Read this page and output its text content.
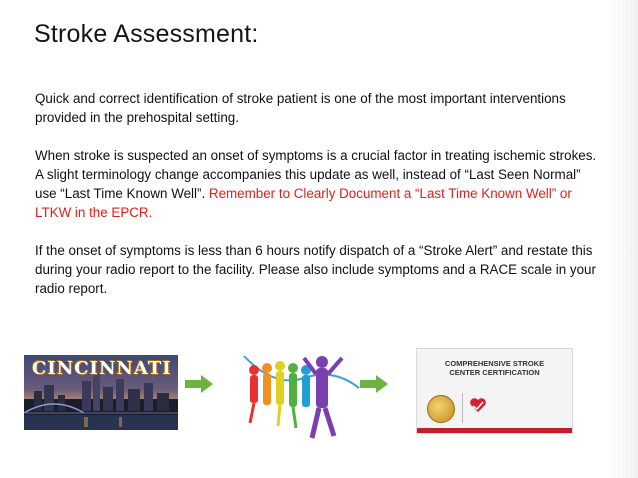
Stroke Assessment:

Quick and correct identification of stroke patient is one of the most important interventions provided in the prehospital setting.

When stroke is suspected an onset of symptoms is a crucial factor in treating ischemic strokes. A slight terminology change accompanies this update as well, instead of “Last Seen Normal” use “Last Time Known Well”. Remember to Clearly Document a “Last Time Known Well” or LTKW in the EPCR.

If the onset of symptoms is less than 6 hours notify dispatch of a “Stroke Alert” and restate this during your radio report to the facility. Please also include symptoms and a RACE scale in your radio report.

CINCINNATI	COMPREHENSIVE STROKE
CENTER CERTIFICATION
